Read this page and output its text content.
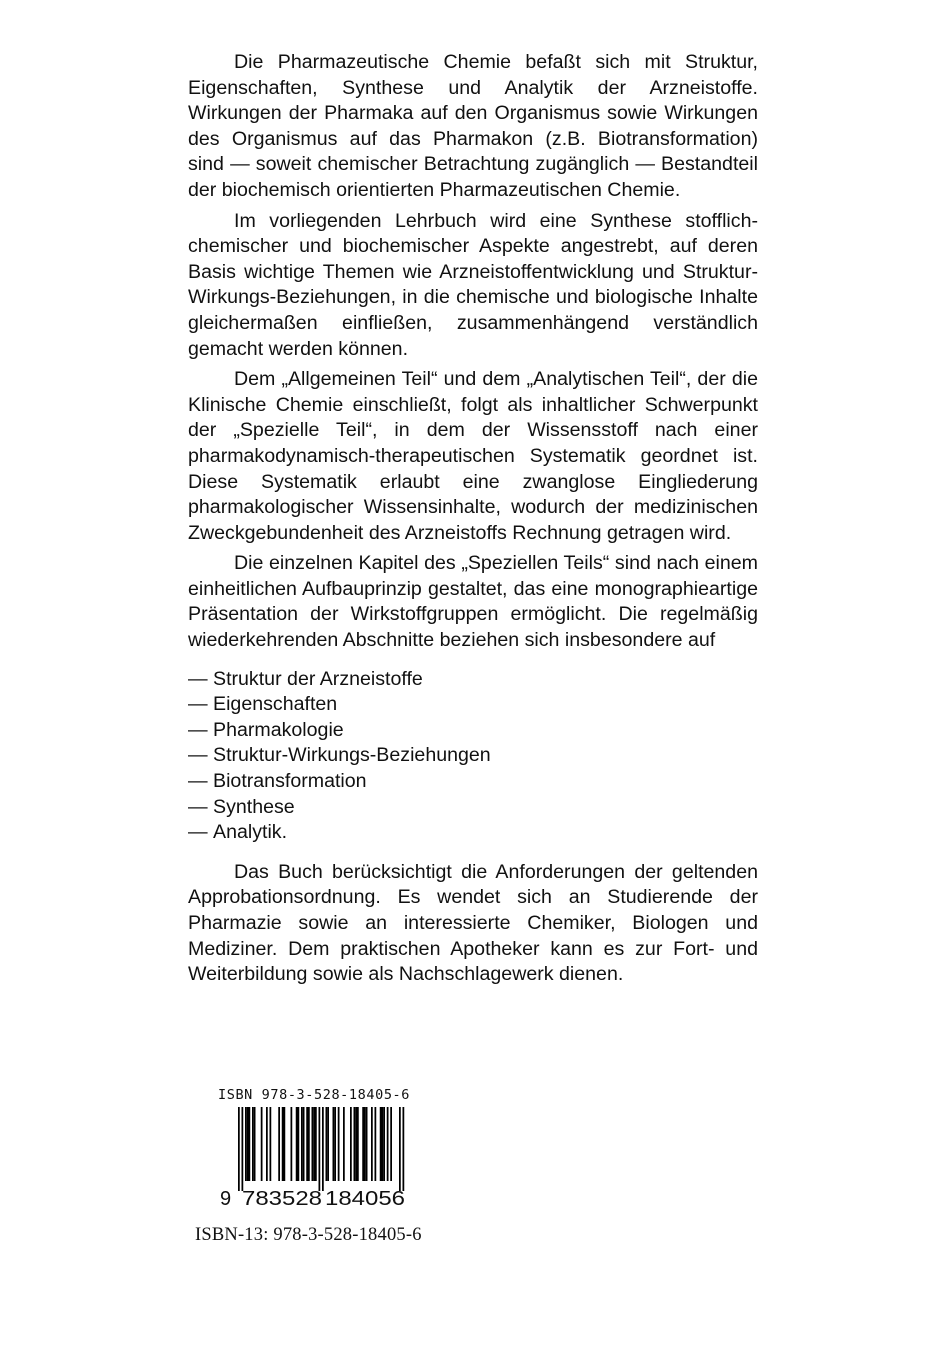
Die Pharmazeutische Chemie befaßt sich mit Struktur, Eigenschaften, Synthese und Analytik der Arzneistoffe. Wirkungen der Pharmaka auf den Organismus sowie Wirkungen des Organismus auf das Pharmakon (z.B. Biotransformation) sind — soweit chemischer Betrachtung zugänglich — Bestandteil der biochemisch orientierten Pharmazeutischen Chemie.

Im vorliegenden Lehrbuch wird eine Synthese stofflichchemischer und biochemischer Aspekte angestrebt, auf deren Basis wichtige Themen wie Arzneistoffentwicklung und Struktur-Wirkungs-Beziehungen, in die chemische und biologische Inhalte gleichermaßen einfließen, zusammenhängend verständlich gemacht werden können.

Dem „Allgemeinen Teil“ und dem „Analytischen Teil“, der die Klinische Chemie einschließt, folgt als inhaltlicher Schwerpunkt der „Spezielle Teil“, in dem der Wissensstoff nach einer pharmakodynamisch-therapeutischen Systematik geordnet ist. Diese Systematik erlaubt eine zwanglose Eingliederung pharmakologischer Wissensinhalte, wodurch der medizinischen Zweckgebundenheit des Arzneistoffs Rechnung getragen wird.

Die einzelnen Kapitel des „Speziellen Teils“ sind nach einem einheitlichen Aufbauprinzip gestaltet, das eine monographieartige Präsentation der Wirkstoffgruppen ermöglicht. Die regelmäßig wiederkehrenden Abschnitte beziehen sich insbesondere auf

— Struktur der Arzneistoffe
— Eigenschaften
— Pharmakologie
— Struktur-Wirkungs-Beziehungen
— Biotransformation
— Synthese
— Analytik.

Das Buch berücksichtigt die Anforderungen der geltenden Approbationsordnung. Es wendet sich an Studierende der Pharmazie sowie an interessierte Chemiker, Biologen und Mediziner. Dem praktischen Apotheker kann es zur Fort- und Weiterbildung sowie als Nachschlagewerk dienen.

ISBN 978-3-528-18405-6
9 783528 184056
ISBN-13: 978-3-528-18405-6
